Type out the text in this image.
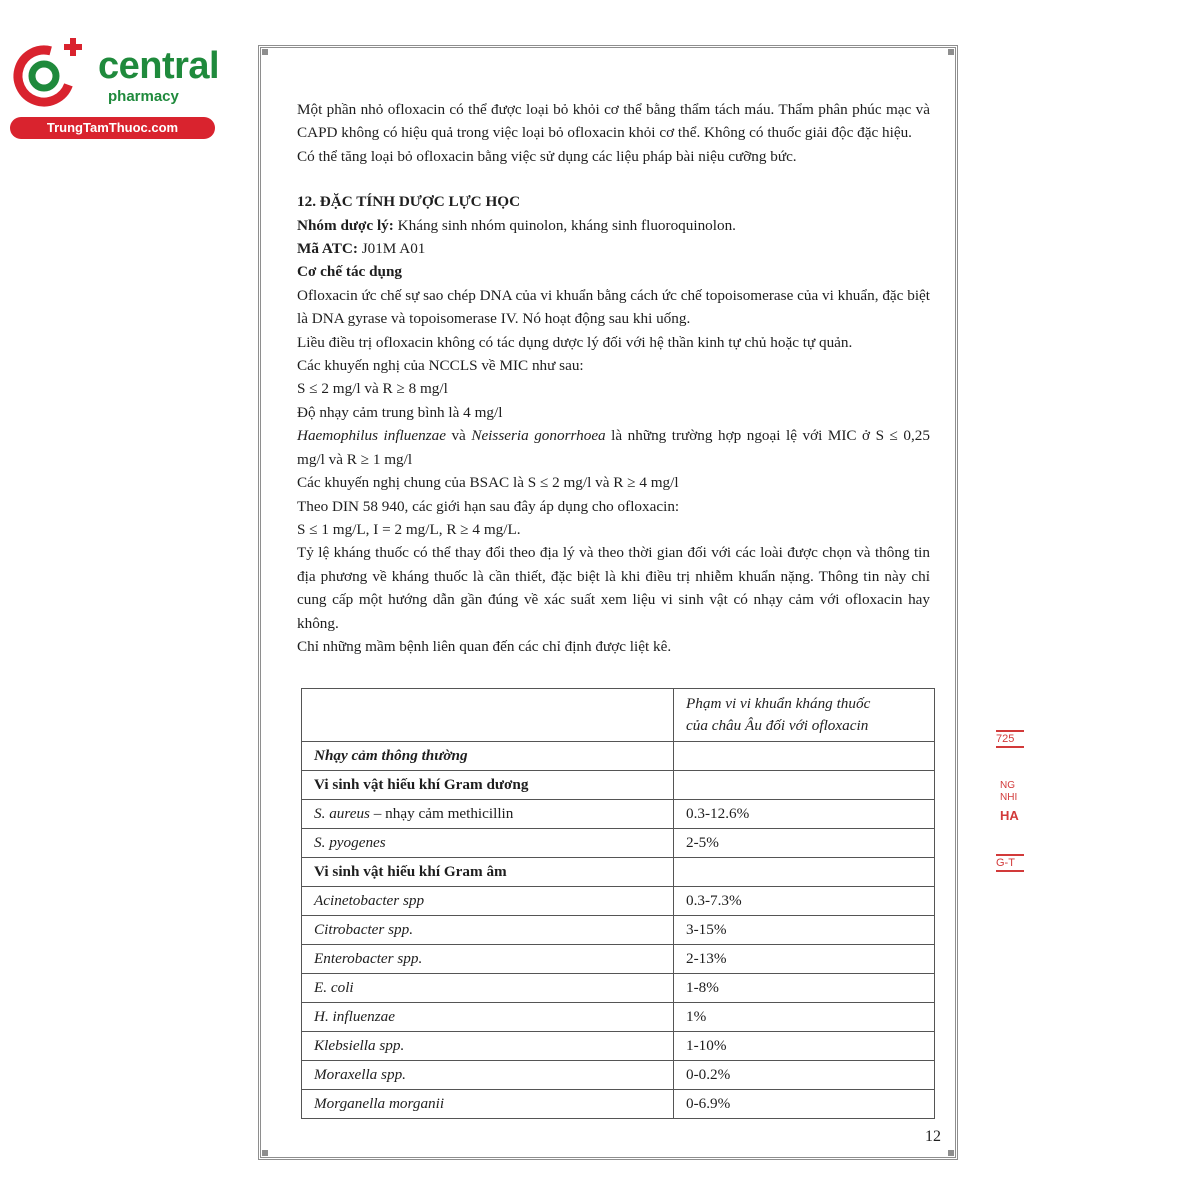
central
pharmacy
TrungTamThuoc.com

Một phần nhỏ ofloxacin có thể được loại bỏ khỏi cơ thể bằng thẩm tách máu. Thẩm phân phúc mạc và CAPD không có hiệu quả trong việc loại bỏ ofloxacin khỏi cơ thể. Không có thuốc giải độc đặc hiệu.

Có thể tăng loại bỏ ofloxacin bằng việc sử dụng các liệu pháp bài niệu cưỡng bức.

12. ĐẶC TÍNH DƯỢC LỰC HỌC

Nhóm dược lý: Kháng sinh nhóm quinolon, kháng sinh fluoroquinolon.

Mã ATC: J01M A01

Cơ chế tác dụng

Ofloxacin ức chế sự sao chép DNA của vi khuẩn bằng cách ức chế topoisomerase của vi khuẩn, đặc biệt là DNA gyrase và topoisomerase IV. Nó hoạt động sau khi uống.

Liều điều trị ofloxacin không có tác dụng dược lý đối với hệ thần kinh tự chủ hoặc tự quản.

Các khuyến nghị của NCCLS về MIC như sau:

S ≤ 2 mg/l và R ≥ 8 mg/l

Độ nhạy cảm trung bình là 4 mg/l

Haemophilus influenzae và Neisseria gonorrhoea là những trường hợp ngoại lệ với MIC ở S ≤ 0,25 mg/l và R ≥ 1 mg/l

Các khuyến nghị chung của BSAC là S ≤ 2 mg/l và R ≥ 4 mg/l

Theo DIN 58 940, các giới hạn sau đây áp dụng cho ofloxacin:

S ≤ 1 mg/L, I = 2 mg/L, R ≥ 4 mg/L.

Tỷ lệ kháng thuốc có thể thay đổi theo địa lý và theo thời gian đối với các loài được chọn và thông tin địa phương về kháng thuốc là cần thiết, đặc biệt là khi điều trị nhiễm khuẩn nặng. Thông tin này chỉ cung cấp một hướng dẫn gần đúng về xác suất xem liệu vi sinh vật có nhạy cảm với ofloxacin hay không.

Chỉ những mầm bệnh liên quan đến các chỉ định được liệt kê.

	Phạm vi vi khuẩn kháng thuốc
của châu Âu đối với ofloxacin

Nhạy cảm thông thường	
Vi sinh vật hiếu khí Gram dương	
S. aureus – nhạy cảm methicillin	0.3-12.6%
S. pyogenes	2-5%
Vi sinh vật hiếu khí Gram âm	
Acinetobacter spp	0.3-7.3%
Citrobacter spp.	3-15%
Enterobacter spp.	2-13%
E. coli	1-8%
H. influenzae	1%
Klebsiella spp.	1-10%
Moraxella spp.	0-0.2%
Morganella morganii	0-6.9%
12
725
NG
NHI
HA
G-T
